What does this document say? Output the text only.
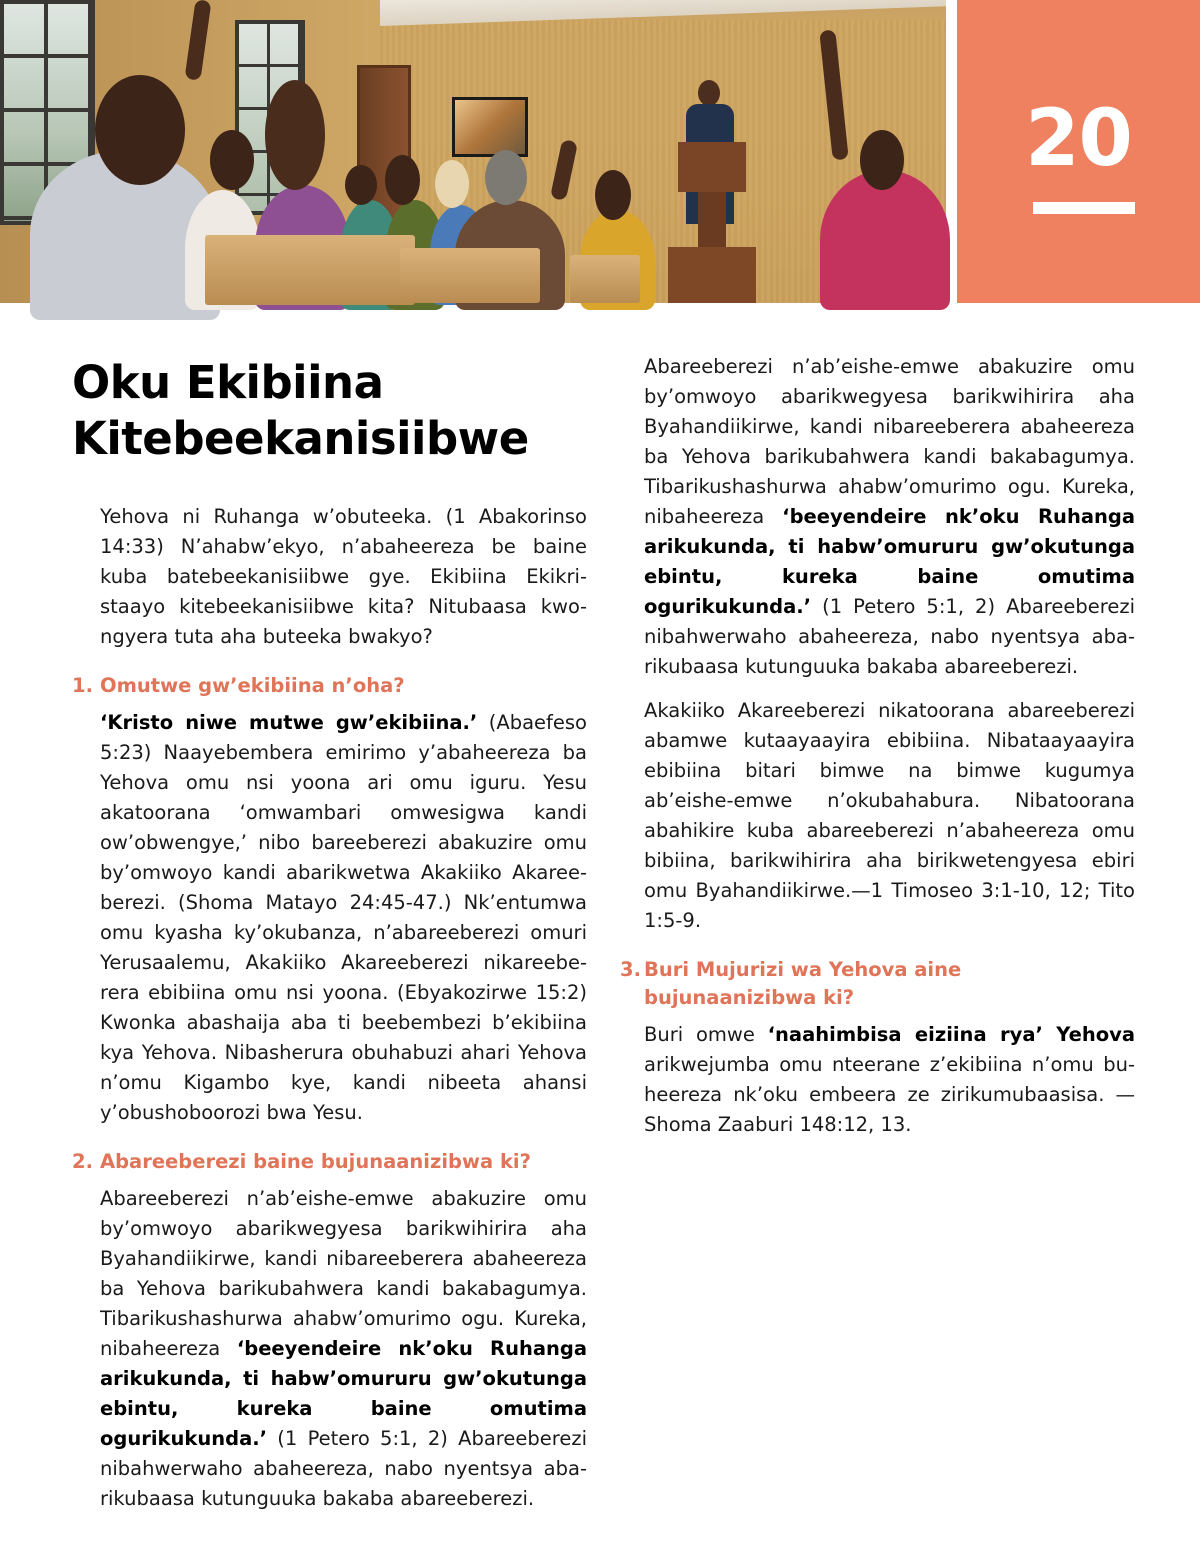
20
Oku Ekibiina
Kitebeekanisiibwe

Yehova ni Ruhanga w’obuteeka. (1 Abakorinso 14:33) N’ahabw’ekyo, n’abaheereza be baine kuba batebeekanisiibwe gye. Ekibiina Ekikristaayo kitebeekanisiibwe kita? Nitubaasa kwongyera tuta aha buteeka bwakyo?

1. Omutwe gw’ekibiina n’oha?

‘Kristo niwe mutwe gw’ekibiina.’ (Abaefeso 5:23) Naayebembera emirimo y’abaheereza ba Yehova omu nsi yoona ari omu iguru. Yesu akatoorana ‘omwambari omwesigwa kandi ow’obwengye,’ nibo bareeberezi abakuzire omu by’omwoyo kandi abarikwetwa Akakiiko Akareeberezi. (Shoma Matayo 24:45-47.) Nk’entumwa omu kyasha ky’okubanza, n’abareeberezi omuri Yerusaalemu, Akakiiko Akareeberezi nikareeberera ebibiina omu nsi yoona. (Ebyakozirwe 15:2) Kwonka abashaija aba ti beebembezi b’ekibiina kya Yehova. Nibasherura obuhabuzi ahari Yehova n’omu Kigambo kye, kandi nibeeta ahansi y’obushoboorozi bwa Yesu.

2. Abareeberezi baine bujunaanizibwa ki?

Abareeberezi n’ab’eishe-emwe abakuzire omu by’omwoyo abarikwegyesa barikwihirira aha Byahandiikirwe, kandi nibareeberera abaheereza ba Yehova barikubahwera kandi bakabagumya. Tibarikushashurwa ahabw’omurimo ogu. Kureka, nibaheereza ‘beeyendeire nk’oku Ruhanga arikukunda, ti habw’omururu gw’okutunga ebintu, kureka baine omutima ogurikukunda.’ (1 Petero 5:1, 2) Abareeberezi nibahwerwaho abaheereza, nabo nyentsya abarikubaasa kutunguuka bakaba abareeberezi.

Abareeberezi n’ab’eishe-emwe abakuzire omu by’omwoyo abarikwegyesa barikwihirira aha Byahandiikirwe, kandi nibareeberera abaheereza ba Yehova barikubahwera kandi bakabagumya. Tibarikushashurwa ahabw’omurimo ogu. Kureka, nibaheereza ‘beeyendeire nk’oku Ruhanga arikukunda, ti habw’omururu gw’okutunga ebintu, kureka baine omutima ogurikukunda.’ (1 Petero 5:1, 2) Abareeberezi nibahwerwaho abaheereza, nabo nyentsya abarikubaasa kutunguuka bakaba abareeberezi.

Akakiiko Akareeberezi nikatoorana abareeberezi abamwe kutaayaayira ebibiina. Nibataayaayira ebibiina bitari bimwe na bimwe kugumya ab’eishe-emwe n’okubahabura. Nibatoorana abahikire kuba abareeberezi n’abaheereza omu bibiina, barikwihirira aha birikwetengyesa ebiri omu Byahandiikirwe.—1 Timoseo 3:1-10, 12; Tito 1:5-9.

3. Buri Mujurizi wa Yehova aine bujunaanizibwa ki?

Buri omwe ‘naahimbisa eiziina rya’ Yehova arikwejumba omu nteerane z’ekibiina n’omu buheereza nk’oku embeera ze zirikumubaasisa. —Shoma Zaaburi 148:12, 13.
